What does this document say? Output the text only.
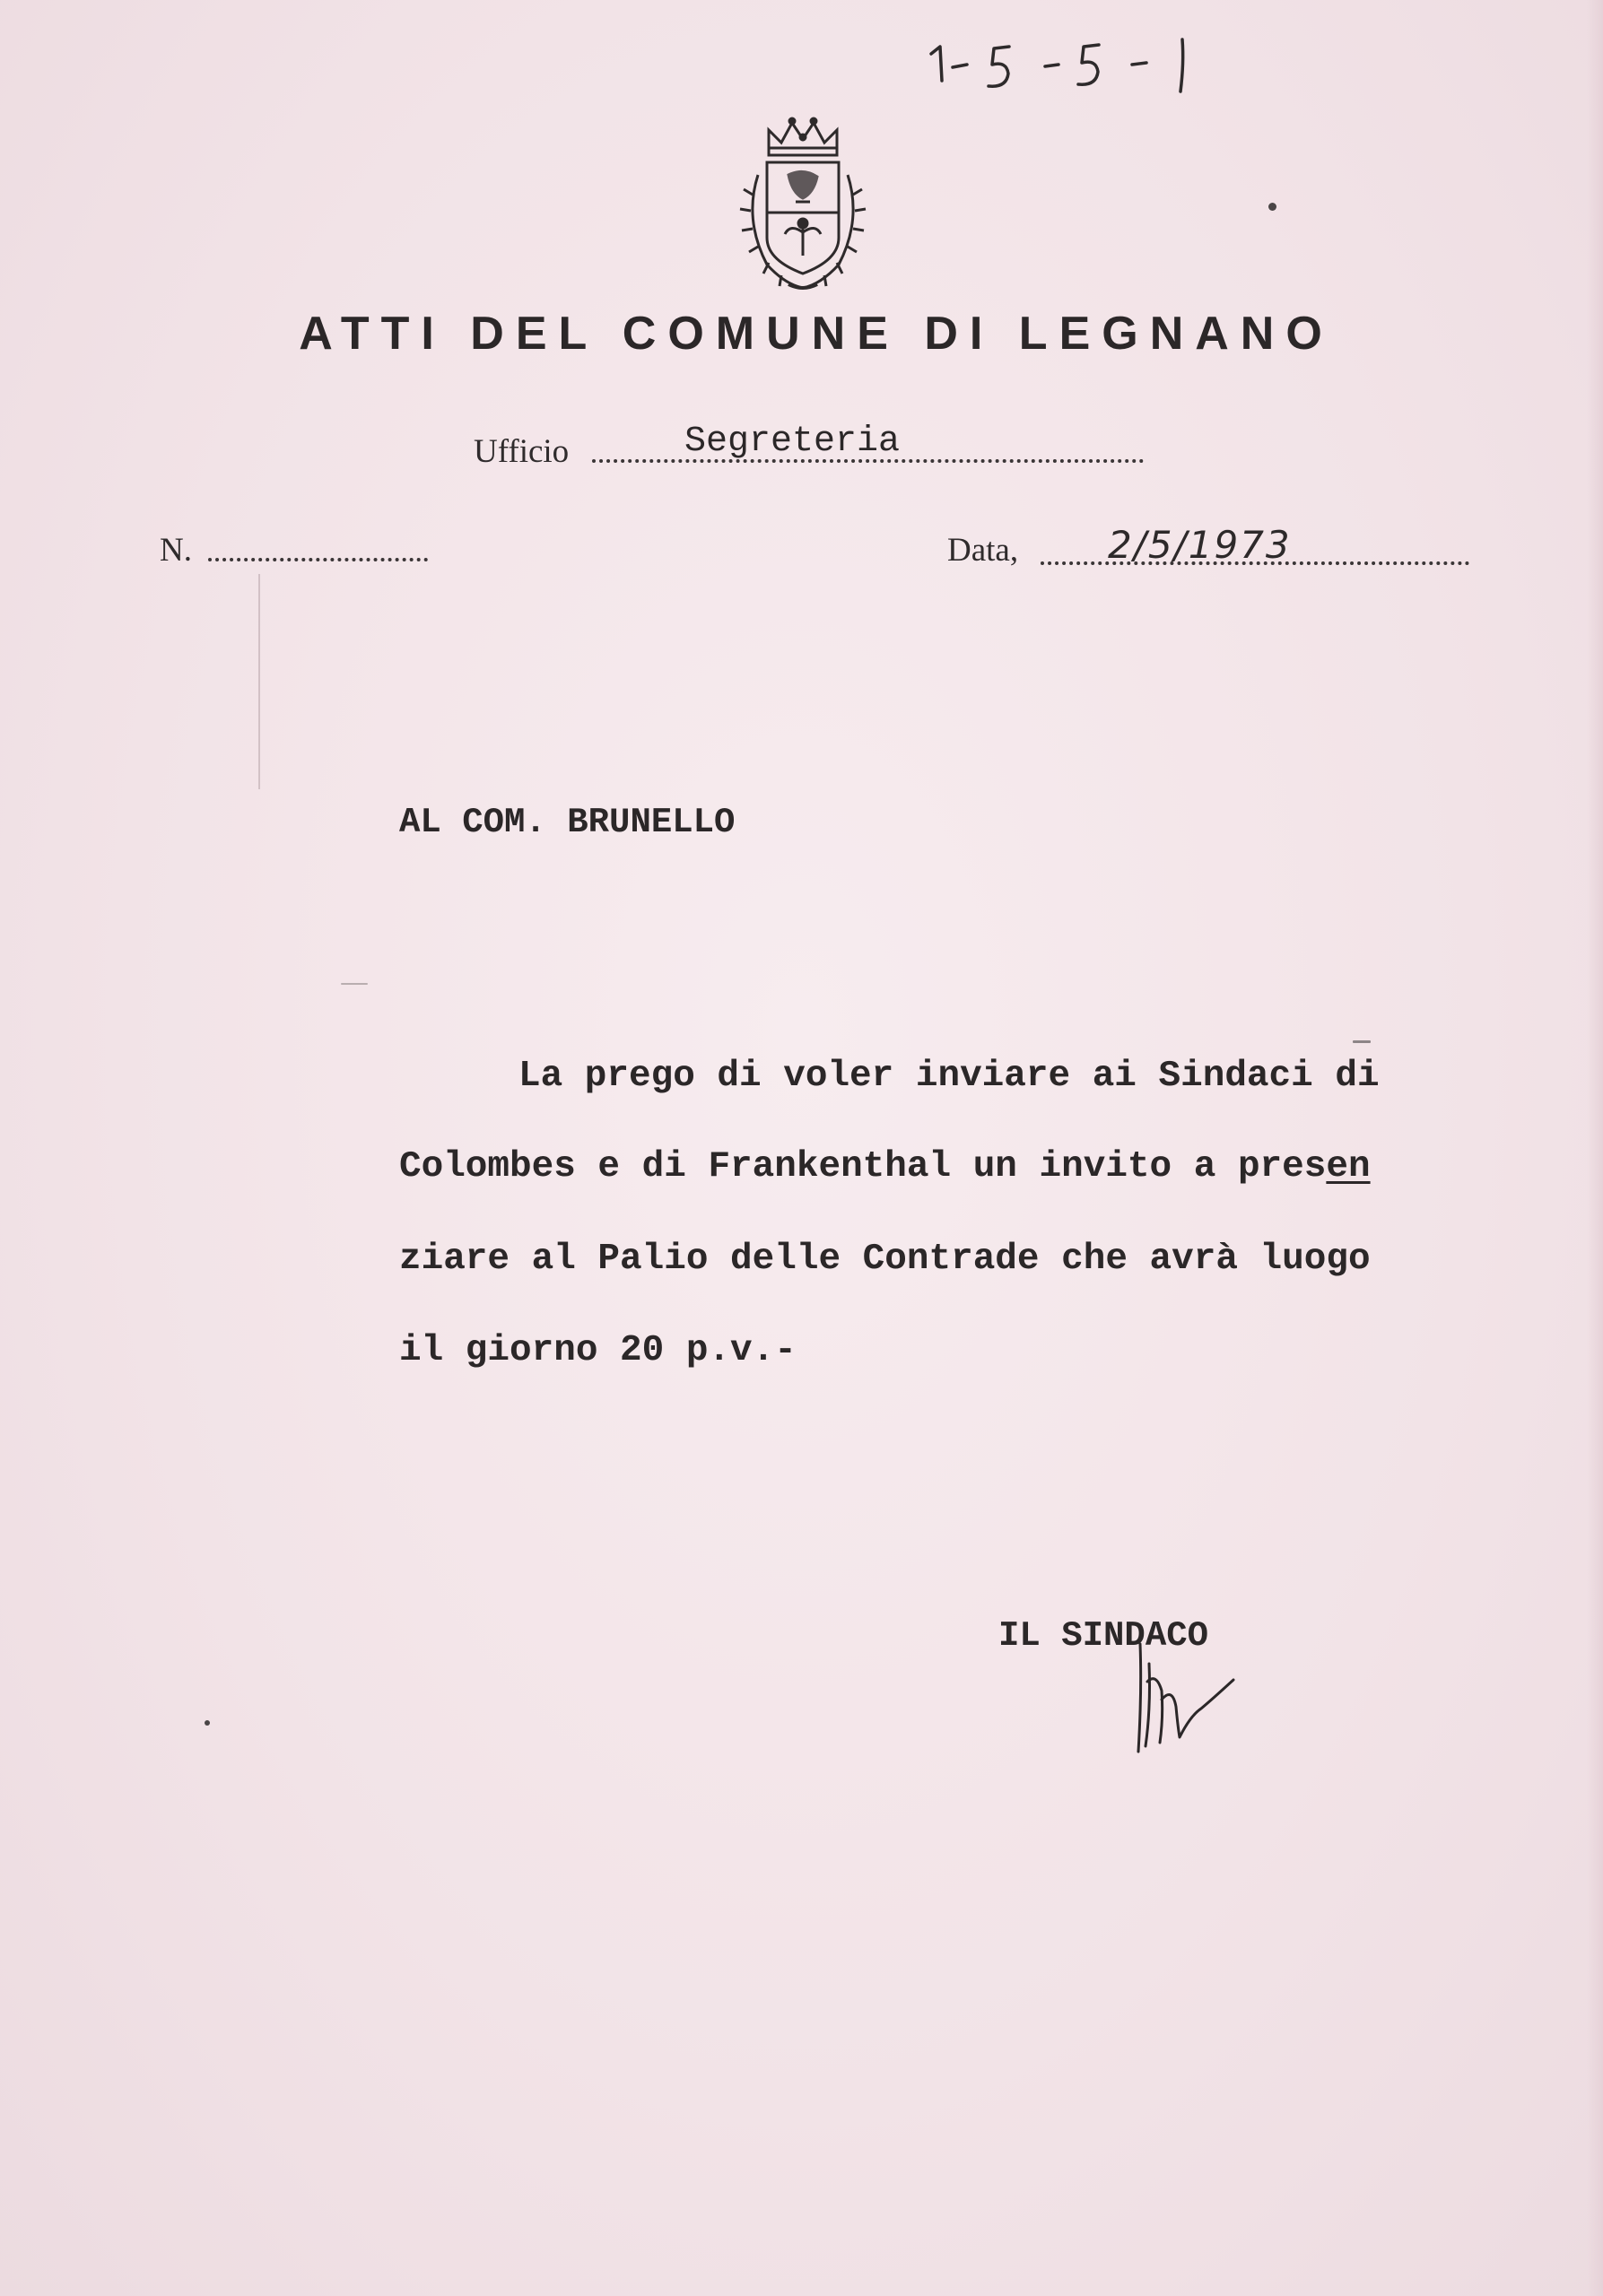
ATTI DEL COMUNE DI LEGNANO
Ufficio	Segreteria
N.	Data, 2/5/1973
AL COM. BRUNELLO
La prego di voler inviare ai Sindaci di
Colombes e di Frankenthal un invito a presen
ziare al Palio delle Contrade che avrà luogo
il giorno 20 p.v.-
IL SINDACO
